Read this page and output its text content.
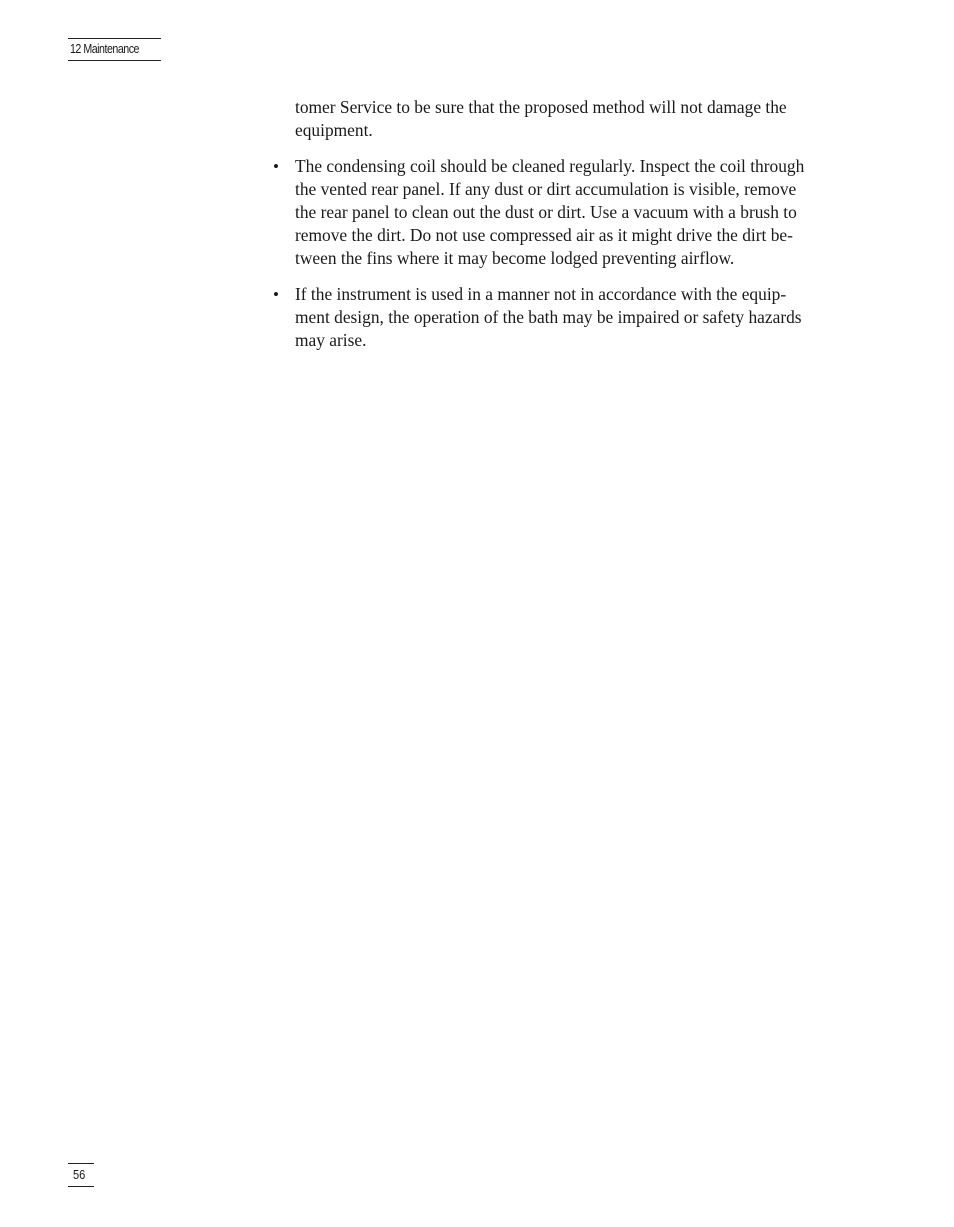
12 Maintenance

tomer Service to be sure that the proposed method will not damage the
equipment.

• The condensing coil should be cleaned regularly. Inspect the coil through
the vented rear panel. If any dust or dirt accumulation is visible, remove
the rear panel to clean out the dust or dirt. Use a vacuum with a brush to
remove the dirt. Do not use compressed air as it might drive the dirt be-
tween the fins where it may become lodged preventing airflow.
• If the instrument is used in a manner not in accordance with the equip-
ment design, the operation of the bath may be impaired or safety hazards
may arise.
56
